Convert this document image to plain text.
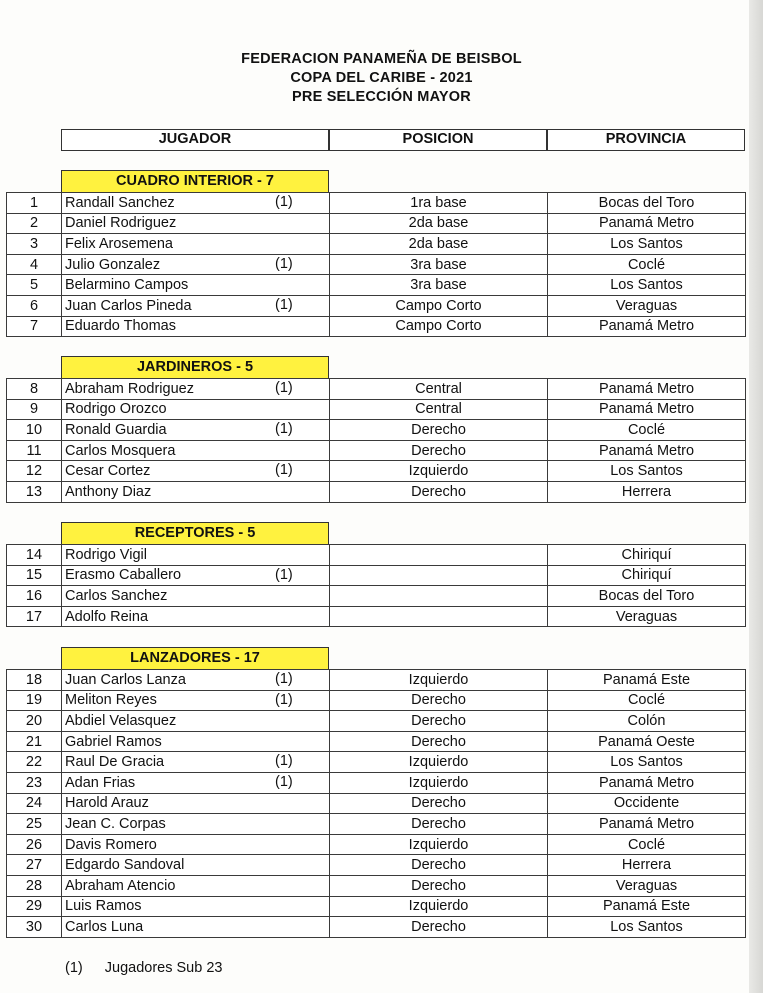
FEDERACION PANAMEÑA DE BEISBOL
COPA DEL CARIBE - 2021
PRE SELECCIÓN MAYOR
JUGADOR	POSICION	PROVINCIA
CUADRO INTERIOR - 7
1	Randall Sanchez (1)	1ra base	Bocas del Toro
2	Daniel Rodriguez	2da base	Panamá Metro
3	Felix Arosemena	2da base	Los Santos
4	Julio Gonzalez (1)	3ra base	Coclé
5	Belarmino Campos	3ra base	Los Santos
6	Juan Carlos Pineda (1)	Campo Corto	Veraguas
7	Eduardo Thomas	Campo Corto	Panamá Metro
JARDINEROS - 5
8	Abraham Rodriguez (1)	Central	Panamá Metro
9	Rodrigo Orozco	Central	Panamá Metro
10	Ronald Guardia (1)	Derecho	Coclé
11	Carlos Mosquera	Derecho	Panamá Metro
12	Cesar Cortez (1)	Izquierdo	Los Santos
13	Anthony Diaz	Derecho	Herrera
RECEPTORES - 5
14	Rodrigo Vigil		Chiriquí
15	Erasmo Caballero (1)		Chiriquí
16	Carlos Sanchez		Bocas del Toro
17	Adolfo Reina		Veraguas
LANZADORES - 17
18	Juan Carlos Lanza (1)	Izquierdo	Panamá Este
19	Meliton Reyes (1)	Derecho	Coclé
20	Abdiel Velasquez	Derecho	Colón
21	Gabriel Ramos	Derecho	Panamá Oeste
22	Raul De Gracia (1)	Izquierdo	Los Santos
23	Adan Frias (1)	Izquierdo	Panamá Metro
24	Harold Arauz	Derecho	Occidente
25	Jean C. Corpas	Derecho	Panamá Metro
26	Davis Romero	Izquierdo	Coclé
27	Edgardo Sandoval	Derecho	Herrera
28	Abraham Atencio	Derecho	Veraguas
29	Luis Ramos	Izquierdo	Panamá Este
30	Carlos Luna	Derecho	Los Santos
(1) Jugadores Sub 23
